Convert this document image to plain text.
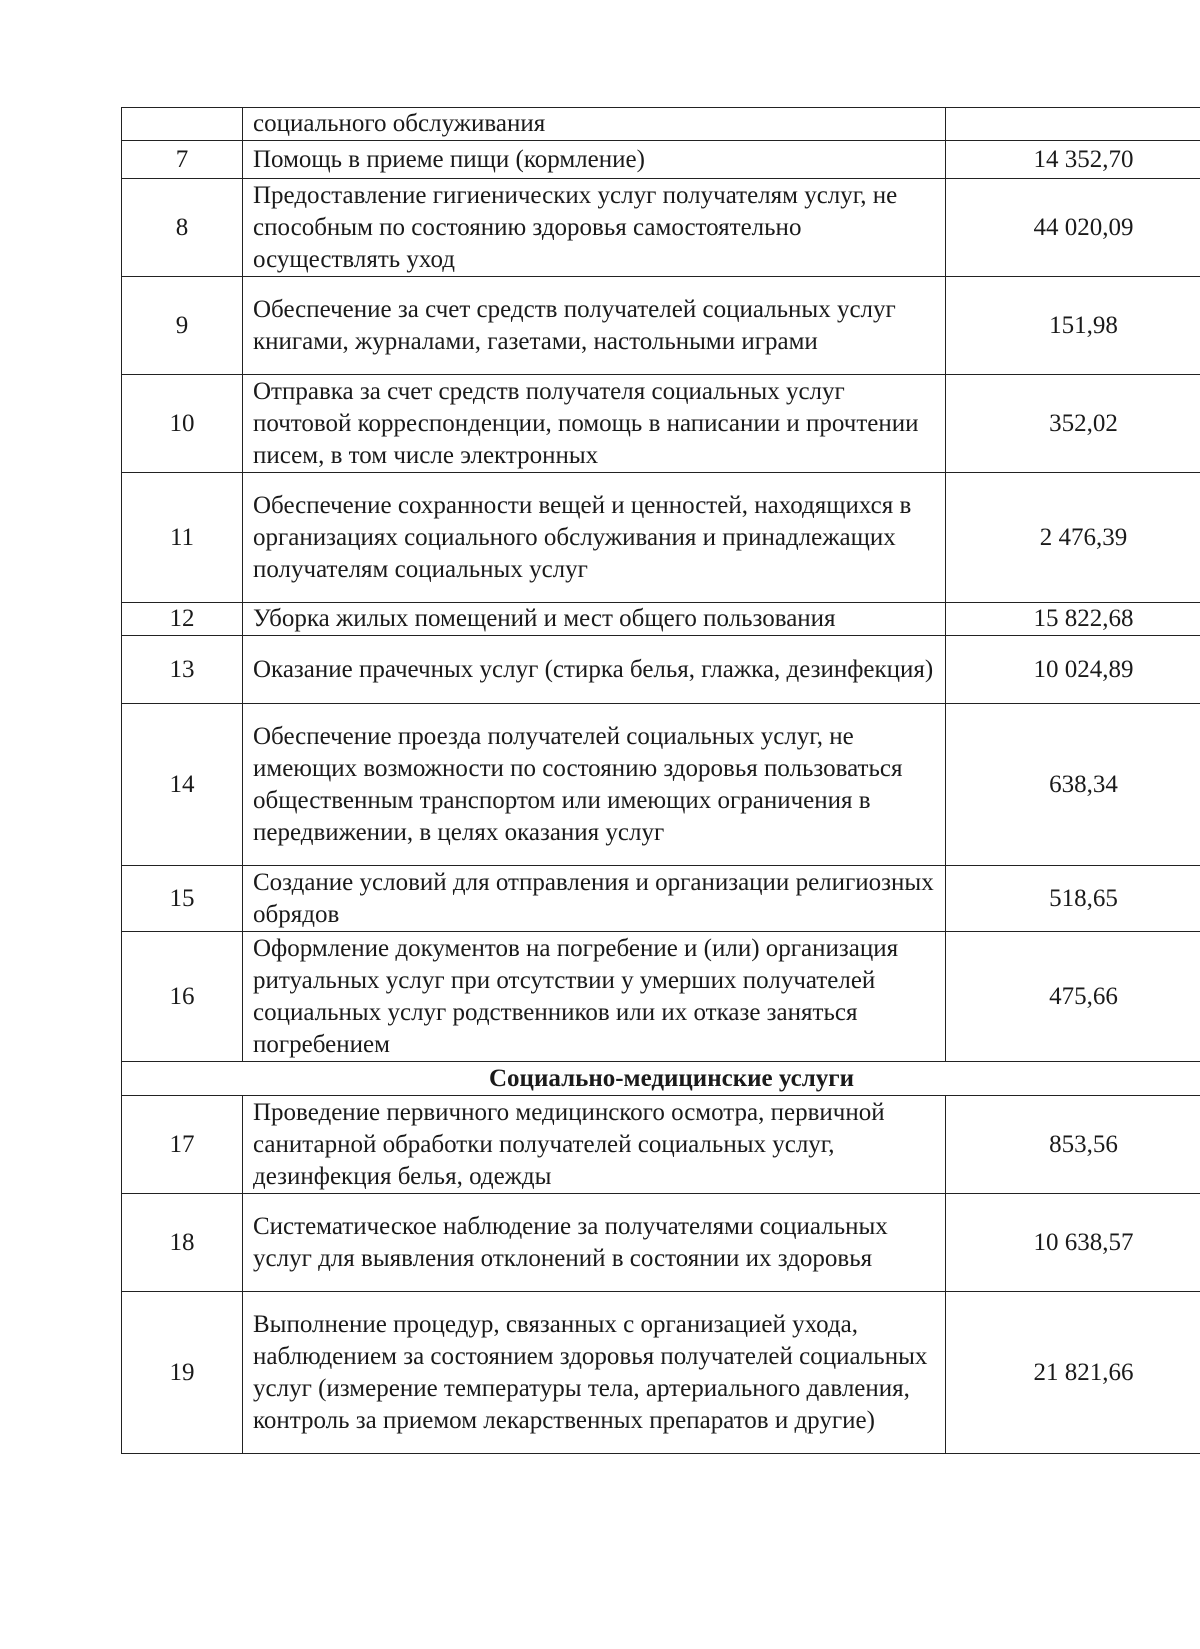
	социального обслуживания	
7	Помощь в приеме пищи (кормление)	14 352,70
8	Предоставление гигиенических услуг получателям услуг, не способным по состоянию здоровья самостоятельно осуществлять уход	44 020,09
9	Обеспечение за счет средств получателей социальных услуг книгами, журналами, газетами, настольными играми	151,98
10	Отправка за счет средств получателя социальных услуг почтовой корреспонденции, помощь в написании и прочтении писем, в том числе электронных	352,02
11	Обеспечение сохранности вещей и ценностей, находящихся в организациях социального обслуживания и принадлежащих получателям социальных услуг	2 476,39
12	Уборка жилых помещений и мест общего пользования	15 822,68
13	Оказание прачечных услуг (стирка белья, глажка, дезинфекция)	10 024,89
14	Обеспечение проезда получателей социальных услуг, не имеющих возможности по состоянию здоровья пользоваться общественным транспортом или имеющих ограничения в передвижении, в целях оказания услуг	638,34
15	Создание условий для отправления и организации религиозных обрядов	518,65
16	Оформление документов на погребение и (или) организация ритуальных услуг при отсутствии у умерших получателей социальных услуг родственников или их отказе заняться погребением	475,66
Социально-медицинские услуги		
17	Проведение первичного медицинского осмотра, первичной санитарной обработки получателей социальных услуг, дезинфекция белья, одежды	853,56
18	Систематическое наблюдение за получателями социальных услуг для выявления отклонений в состоянии их здоровья	10 638,57
19	Выполнение процедур, связанных с организацией ухода, наблюдением за состоянием здоровья получателей социальных услуг (измерение температуры тела, артериального давления, контроль за приемом лекарственных препаратов и другие)	21 821,66
